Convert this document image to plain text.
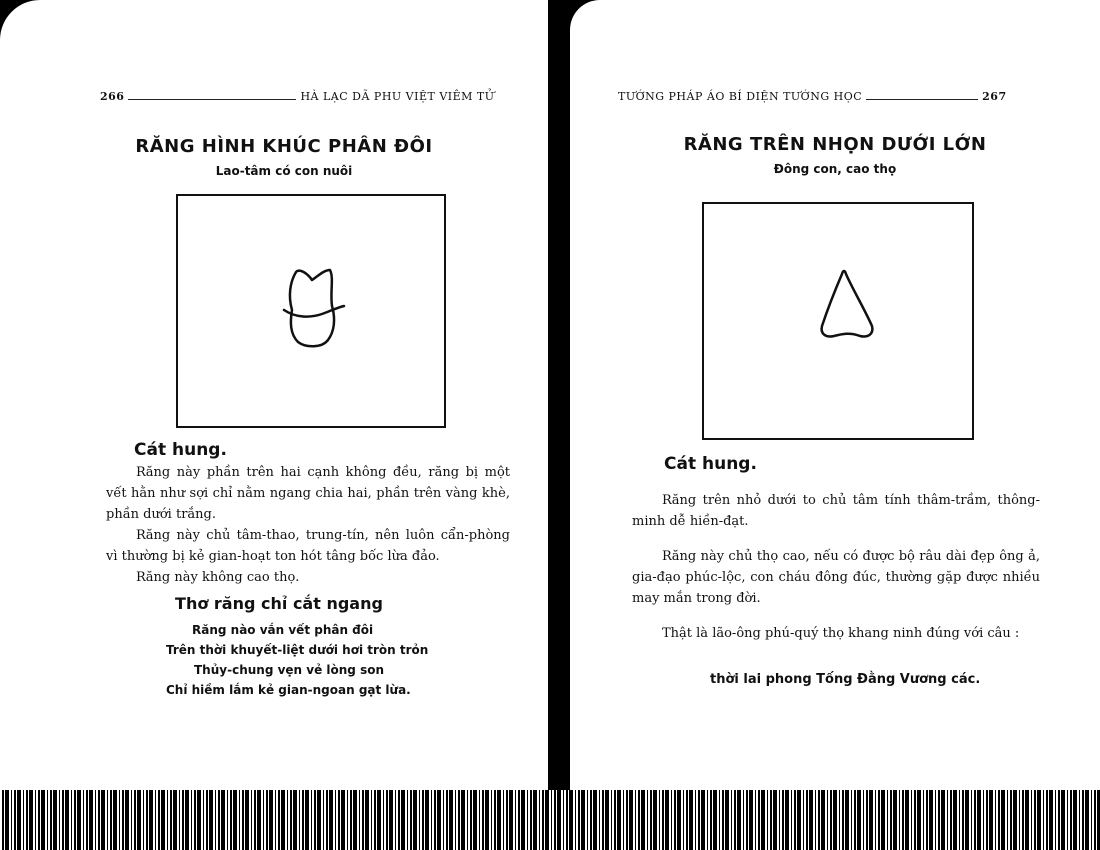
266	HÀ LẠC DÃ PHU VIỆT VIÊM TỬ
RĂNG HÌNH KHÚC PHÂN ĐÔI
Lao-tâm có con nuôi
Cát hung.

Răng này phần trên hai cạnh không đều, răng bị một vết hằn như sợi chỉ nằm ngang chia hai, phần trên vàng khè, phần dưới trắng.

Răng này chủ tâm-thao, trung-tín, nên luôn cẩn-phòng vì thường bị kẻ gian-hoạt ton hót tâng bốc lừa đảo.

Răng này không cao thọ.

Thơ răng chỉ cắt ngang
Răng nào vắn vết phân đôi
Trên thời khuyết-liệt dưới hơi tròn trỏn
Thủy-chung vẹn vẻ lòng son
Chỉ hiềm lắm kẻ gian-ngoan gạt lừa.
TƯỚNG PHÁP ÁO BÍ DIỆN TƯỚNG HỌC	267
RĂNG TRÊN NHỌN DƯỚI LỚN
Đông con, cao thọ
Cát hung.

Răng trên nhỏ dưới to chủ tâm tính thâm-trầm, thông-minh dễ hiền-đạt.

Răng này chủ thọ cao, nếu có được bộ râu dài đẹp ông ả, gia-đạo phúc-lộc, con cháu đông đúc, thường gặp được nhiều may mắn trong đời.

Thật là lão-ông phú-quý thọ khang ninh đúng với câu :

thời lai phong Tống Đằng Vương các.
